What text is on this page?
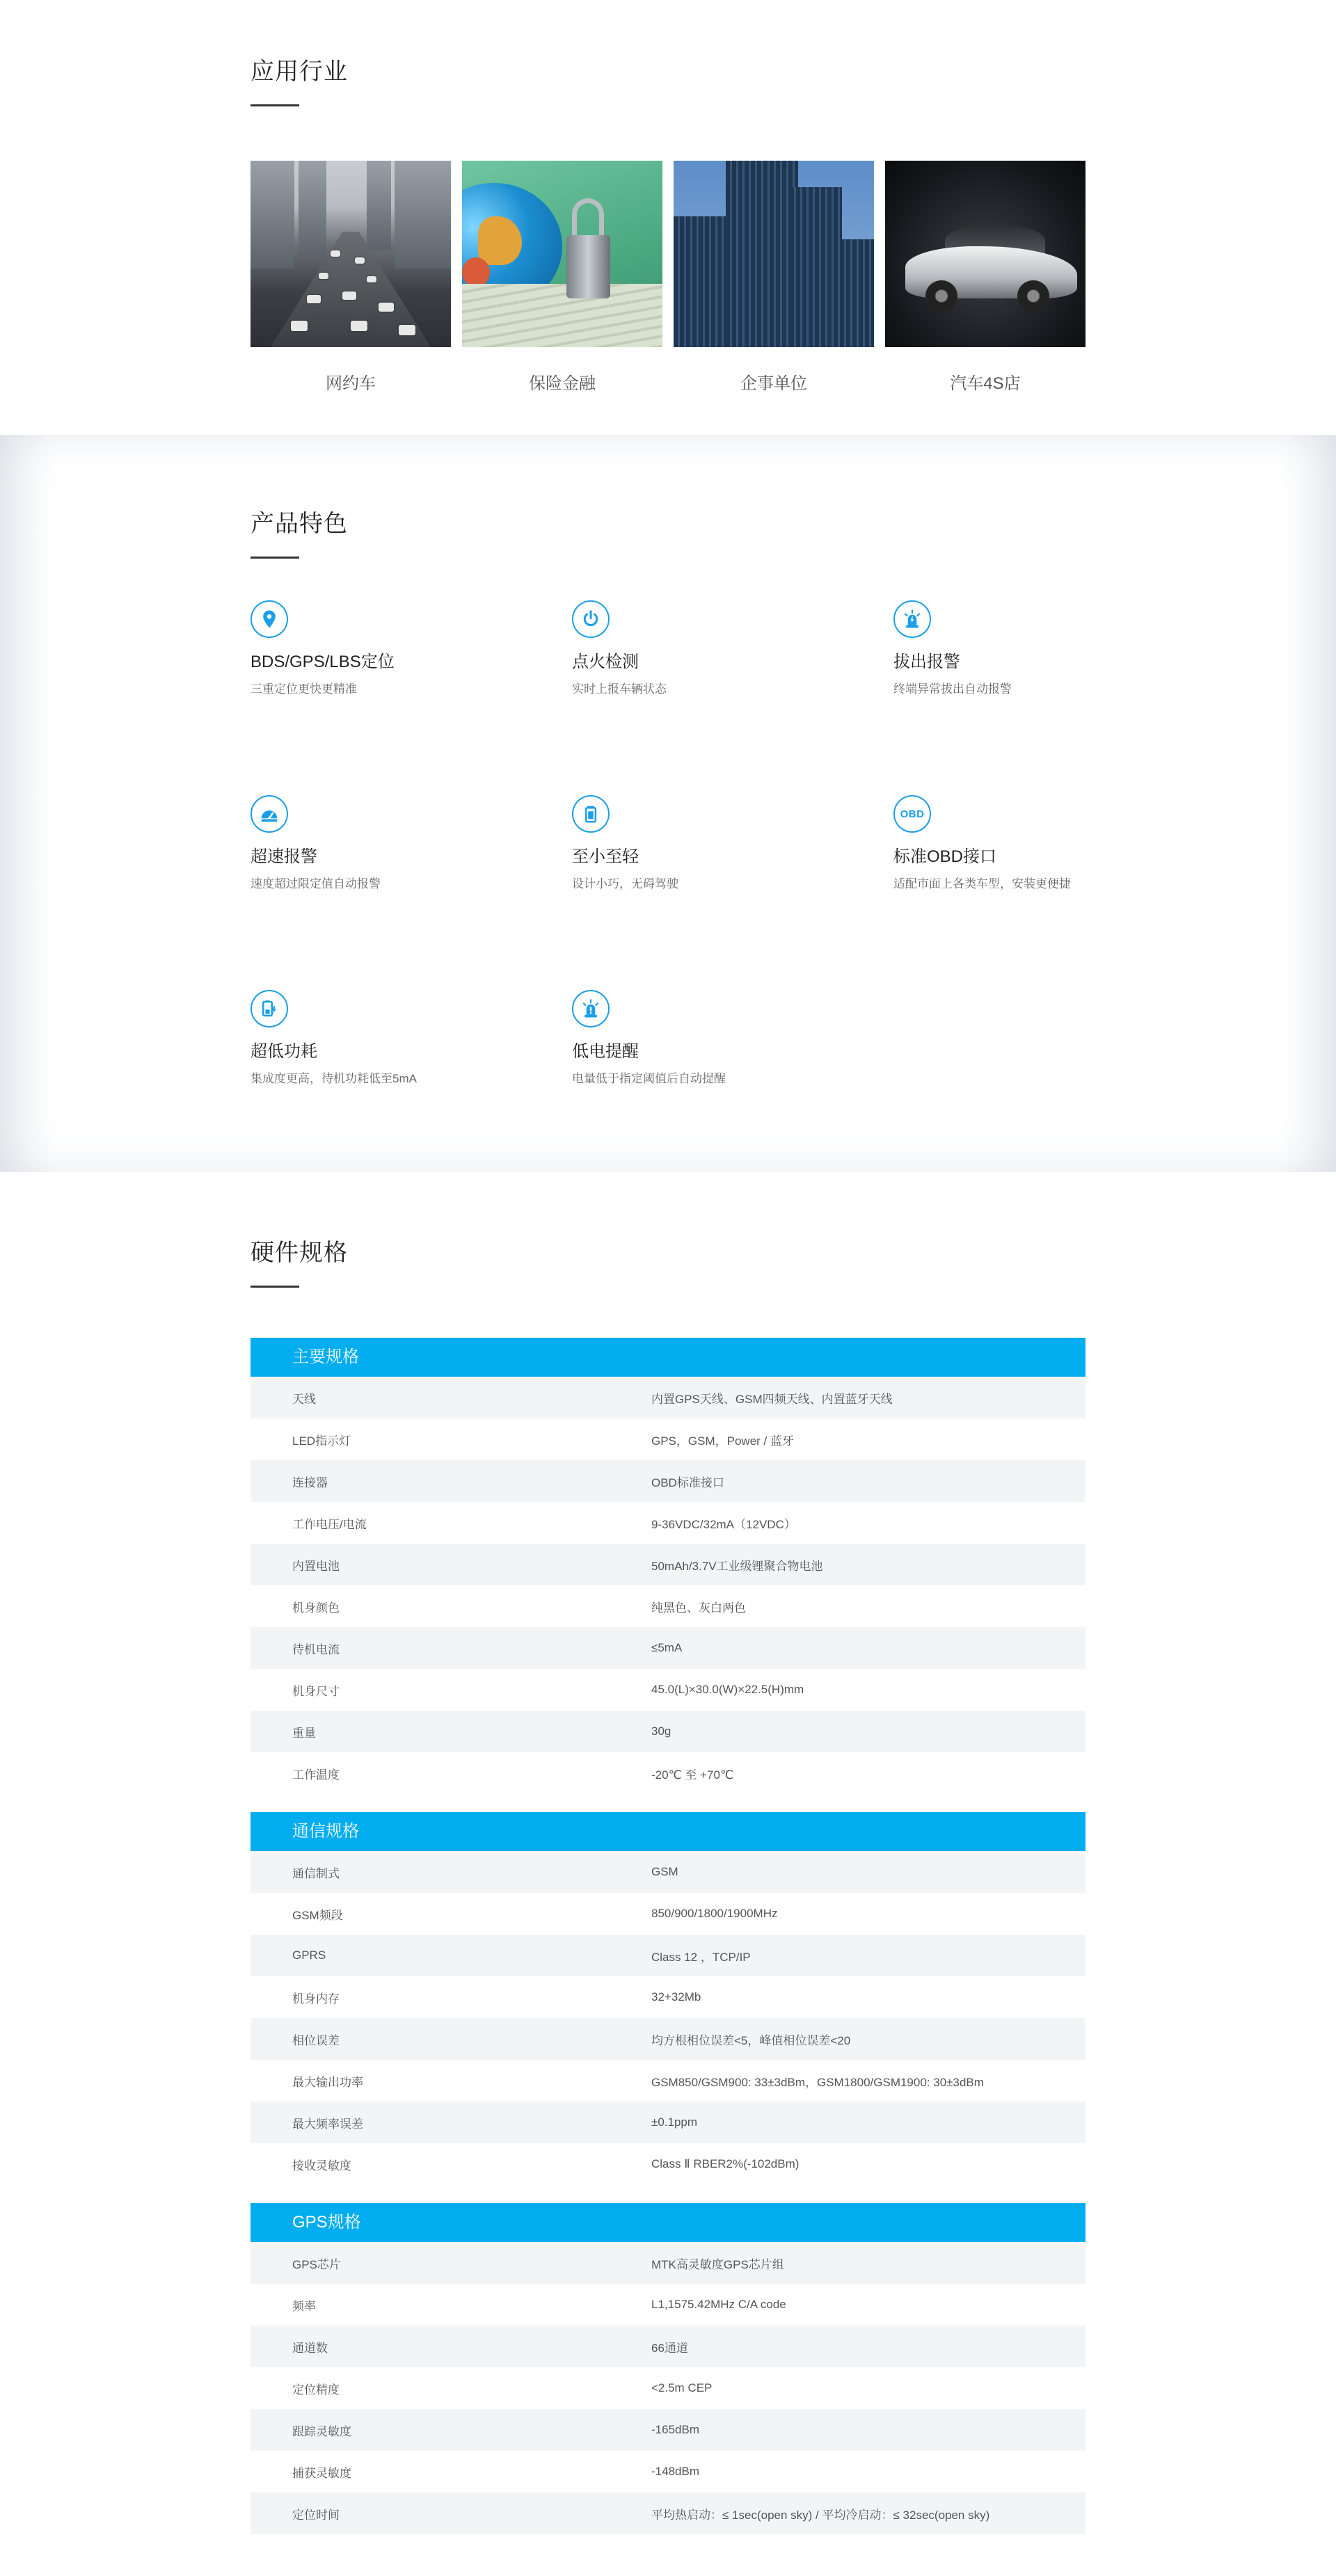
应用行业
网约车	保险金融	企事单位	汽车4S店
产品特色
BDS/GPS/LBS定位
三重定位更快更精准
点火检测
实时上报车辆状态
拔出报警
终端异常拔出自动报警
超速报警
速度超过限定值自动报警
至小至轻
设计小巧，无碍驾驶
OBD
标准OBD接口
适配市面上各类车型，安装更便捷
超低功耗
集成度更高，待机功耗低至5mA
低电提醒
电量低于指定阈值后自动提醒
硬件规格
主要规格
天线	内置GPS天线、GSM四频天线、内置蓝牙天线
LED指示灯	GPS，GSM，Power / 蓝牙
连接器	OBD标准接口
工作电压/电流	9-36VDC/32mA（12VDC）
内置电池	50mAh/3.7V工业级锂聚合物电池
机身颜色	纯黑色、灰白两色
待机电流	≤5mA
机身尺寸	45.0(L)×30.0(W)×22.5(H)mm
重量	30g
工作温度	-20℃ 至 +70℃
通信规格
通信制式	GSM
GSM频段	850/900/1800/1900MHz
GPRS	Class 12 ，TCP/IP
机身内存	32+32Mb
相位误差	均方根相位误差<5，峰值相位误差<20
最大输出功率	GSM850/GSM900: 33±3dBm，GSM1800/GSM1900: 30±3dBm
最大频率误差	±0.1ppm
接收灵敏度	Class Ⅱ RBER2%(-102dBm)
GPS规格
GPS芯片	MTK高灵敏度GPS芯片组
频率	L1,1575.42MHz C/A code
通道数	66通道
定位精度	<2.5m CEP
跟踪灵敏度	-165dBm
捕获灵敏度	-148dBm
定位时间	平均热启动：≤ 1sec(open sky) / 平均冷启动：≤ 32sec(open sky)
